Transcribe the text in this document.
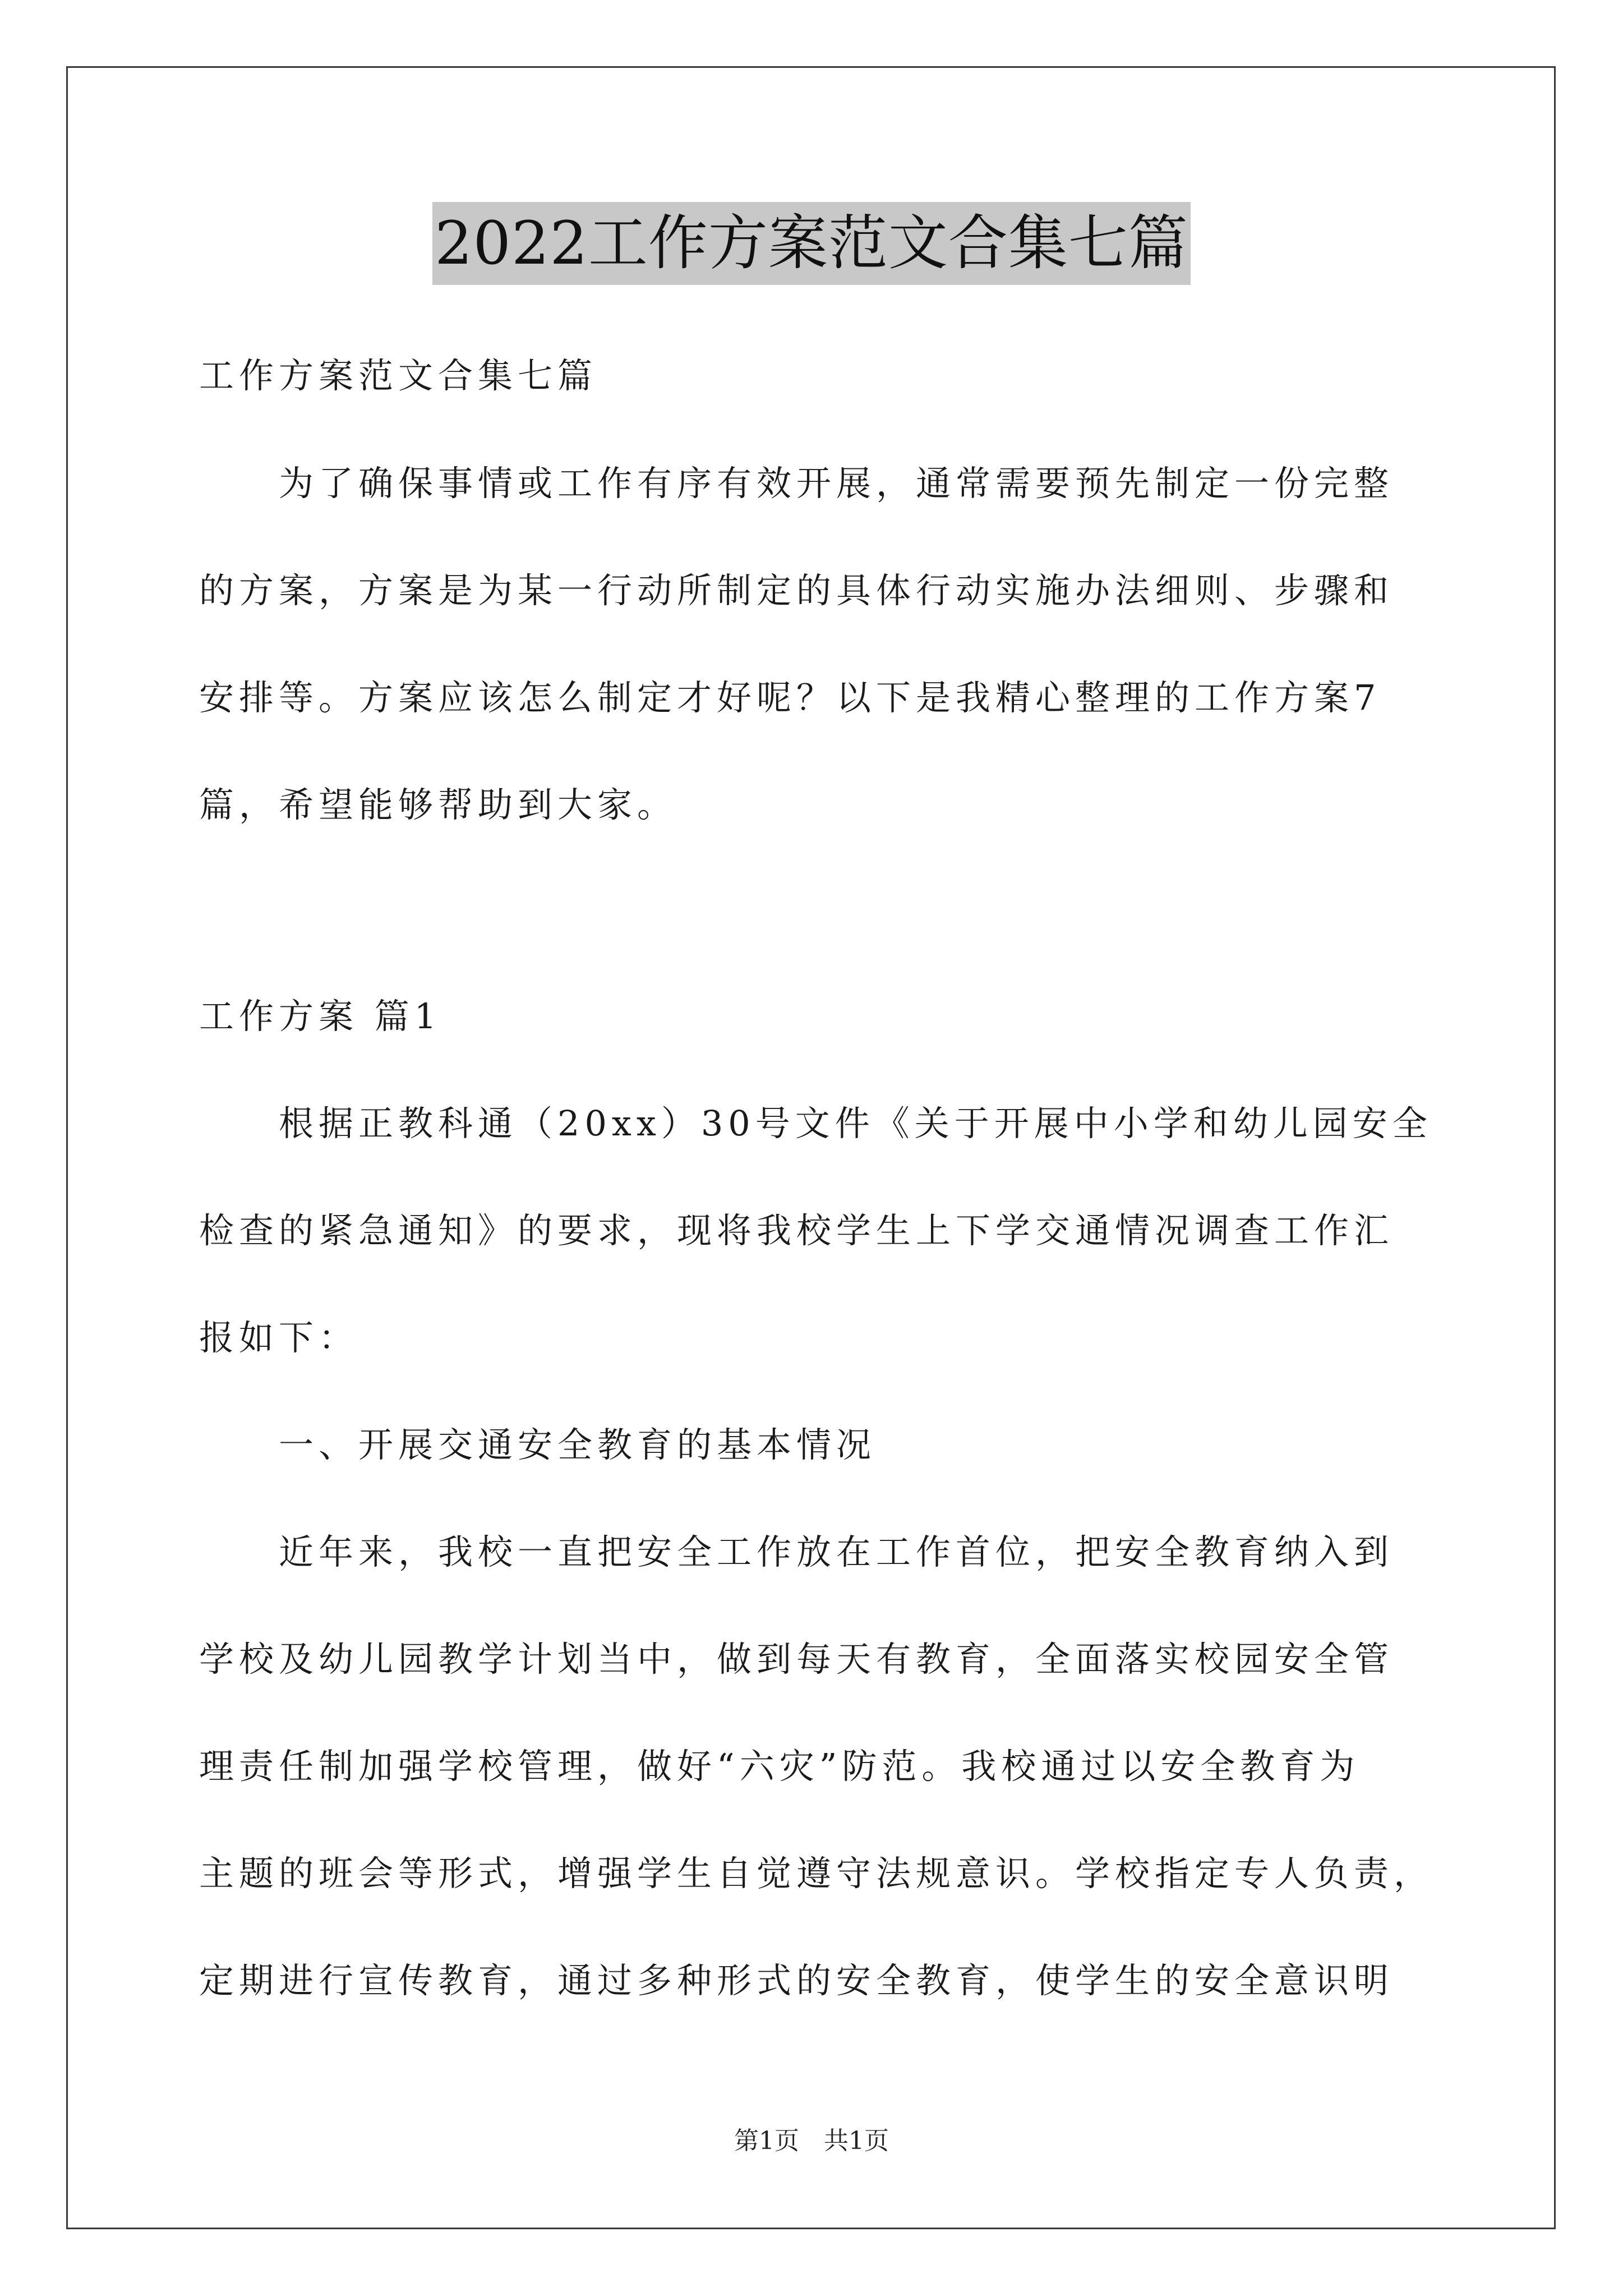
2022工作方案范文合集七篇
工作方案范文合集七篇
　　为了确保事情或工作有序有效开展，通常需要预先制定一份完整
的方案，方案是为某一行动所制定的具体行动实施办法细则、步骤和
安排等。方案应该怎么制定才好呢？以下是我精心整理的工作方案7
篇，希望能够帮助到大家。
工作方案 篇1
　　根据正教科通（20xx）30号文件《关于开展中小学和幼儿园安全
检查的紧急通知》的要求，现将我校学生上下学交通情况调查工作汇
报如下：
　　一、开展交通安全教育的基本情况
　　近年来，我校一直把安全工作放在工作首位，把安全教育纳入到
学校及幼儿园教学计划当中，做到每天有教育，全面落实校园安全管
理责任制加强学校管理，做好“六灾”防范。我校通过以安全教育为
主题的班会等形式，增强学生自觉遵守法规意识。学校指定专人负责，
定期进行宣传教育，通过多种形式的安全教育，使学生的安全意识明
第1页　共1页
